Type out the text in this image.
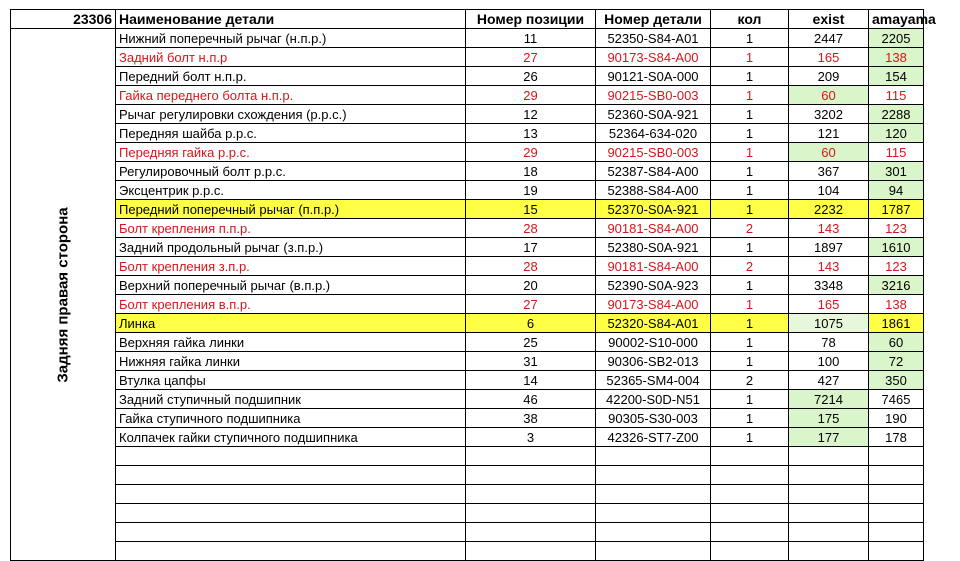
23306	Наименование детали	Номер позиции	Номер детали	кол	exist	amayama

Задняя правая сторона	Нижний поперечный рычаг (н.п.р.)	11	52350-S84-A01	1	2447	2205
	Задний болт н.п.р	27	90173-S84-A00	1	165	138
	Передний болт н.п.р.	26	90121-S0A-000	1	209	154
	Гайка переднего болта н.п.р.	29	90215-SB0-003	1	60	115
	Рычаг регулировки схождения (р.р.с.)	12	52360-S0A-921	1	3202	2288
	Передняя шайба р.р.с.	13	52364-634-020	1	121	120
	Передняя гайка р.р.с.	29	90215-SB0-003	1	60	115
	Регулировочный болт р.р.с.	18	52387-S84-A00	1	367	301
	Эксцентрик р.р.с.	19	52388-S84-A00	1	104	94
	Передний поперечный рычаг (п.п.р.)	15	52370-S0A-921	1	2232	1787
	Болт крепления п.п.р.	28	90181-S84-A00	2	143	123
	Задний продольный рычаг (з.п.р.)	17	52380-S0A-921	1	1897	1610
	Болт крепления з.п.р.	28	90181-S84-A00	2	143	123
	Верхний поперечный рычаг (в.п.р.)	20	52390-S0A-923	1	3348	3216
	Болт крепления в.п.р.	27	90173-S84-A00	1	165	138
	Линка	6	52320-S84-A01	1	1075	1861
	Верхняя гайка линки	25	90002-S10-000	1	78	60
	Нижняя гайка линки	31	90306-SB2-013	1	100	72
	Втулка цапфы	14	52365-SM4-004	2	427	350
	Задний ступичный подшипник	46	42200-S0D-N51	1	7214	7465
	Гайка ступичного подшипника	38	90305-S30-003	1	175	190
	Колпачек гайки ступичного подшипника	3	42326-ST7-Z00	1	177	178
